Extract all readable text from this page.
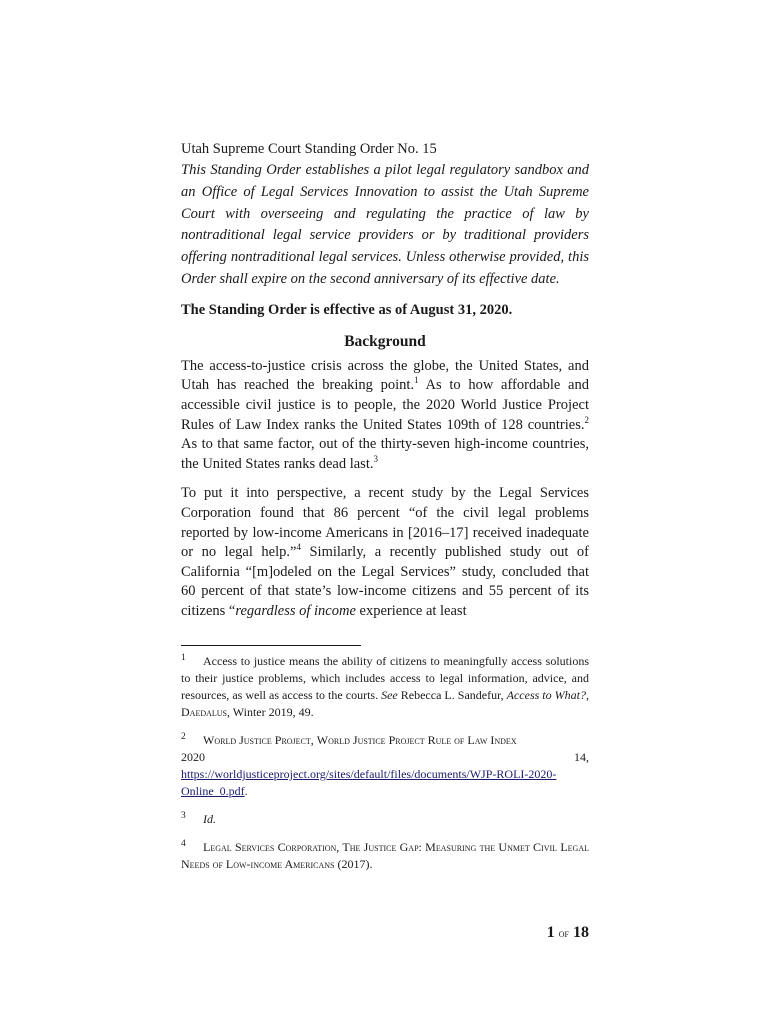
Utah Supreme Court Standing Order No. 15

This Standing Order establishes a pilot legal regulatory sandbox and an Office of Legal Services Innovation to assist the Utah Supreme Court with overseeing and regulating the practice of law by nontraditional legal service providers or by traditional providers offering nontraditional legal services. Unless otherwise provided, this Order shall expire on the second anniversary of its effective date.

The Standing Order is effective as of August 31, 2020.

Background

The access-to-justice crisis across the globe, the United States, and Utah has reached the breaking point.$^1$ As to how affordable and accessible civil justice is to people, the 2020 World Justice Project Rules of Law Index ranks the United States 109th of 128 countries.$^2$ As to that same factor, out of the thirty-seven high-income countries, the United States ranks dead last.$^3$

To put it into perspective, a recent study by the Legal Services Corporation found that 86 percent “of the civil legal problems reported by low-income Americans in [2016–17] received inadequate or no legal help.”$^4$ Similarly, a recently published study out of California “[m]odeled on the Legal Services” study, concluded that 60 percent of that state’s low-income citizens and 55 percent of its citizens “regardless of income experience at least

1 Access to justice means the ability of citizens to meaningfully access solutions to their justice problems, which includes access to legal information, advice, and resources, as well as access to the courts. See Rebecca L. Sandefur, Access to What?, Daedalus, Winter 2019, 49.

2 World Justice Project, World Justice Project Rule of Law Index
2020	14,
https://worldjusticeproject.org/sites/default/files/documents/WJP-ROLI-2020-Online_0.pdf.

3 Id.

4 Legal Services Corporation, The Justice Gap: Measuring the Unmet Civil Legal Needs of Low-income Americans (2017).

1 of 18
